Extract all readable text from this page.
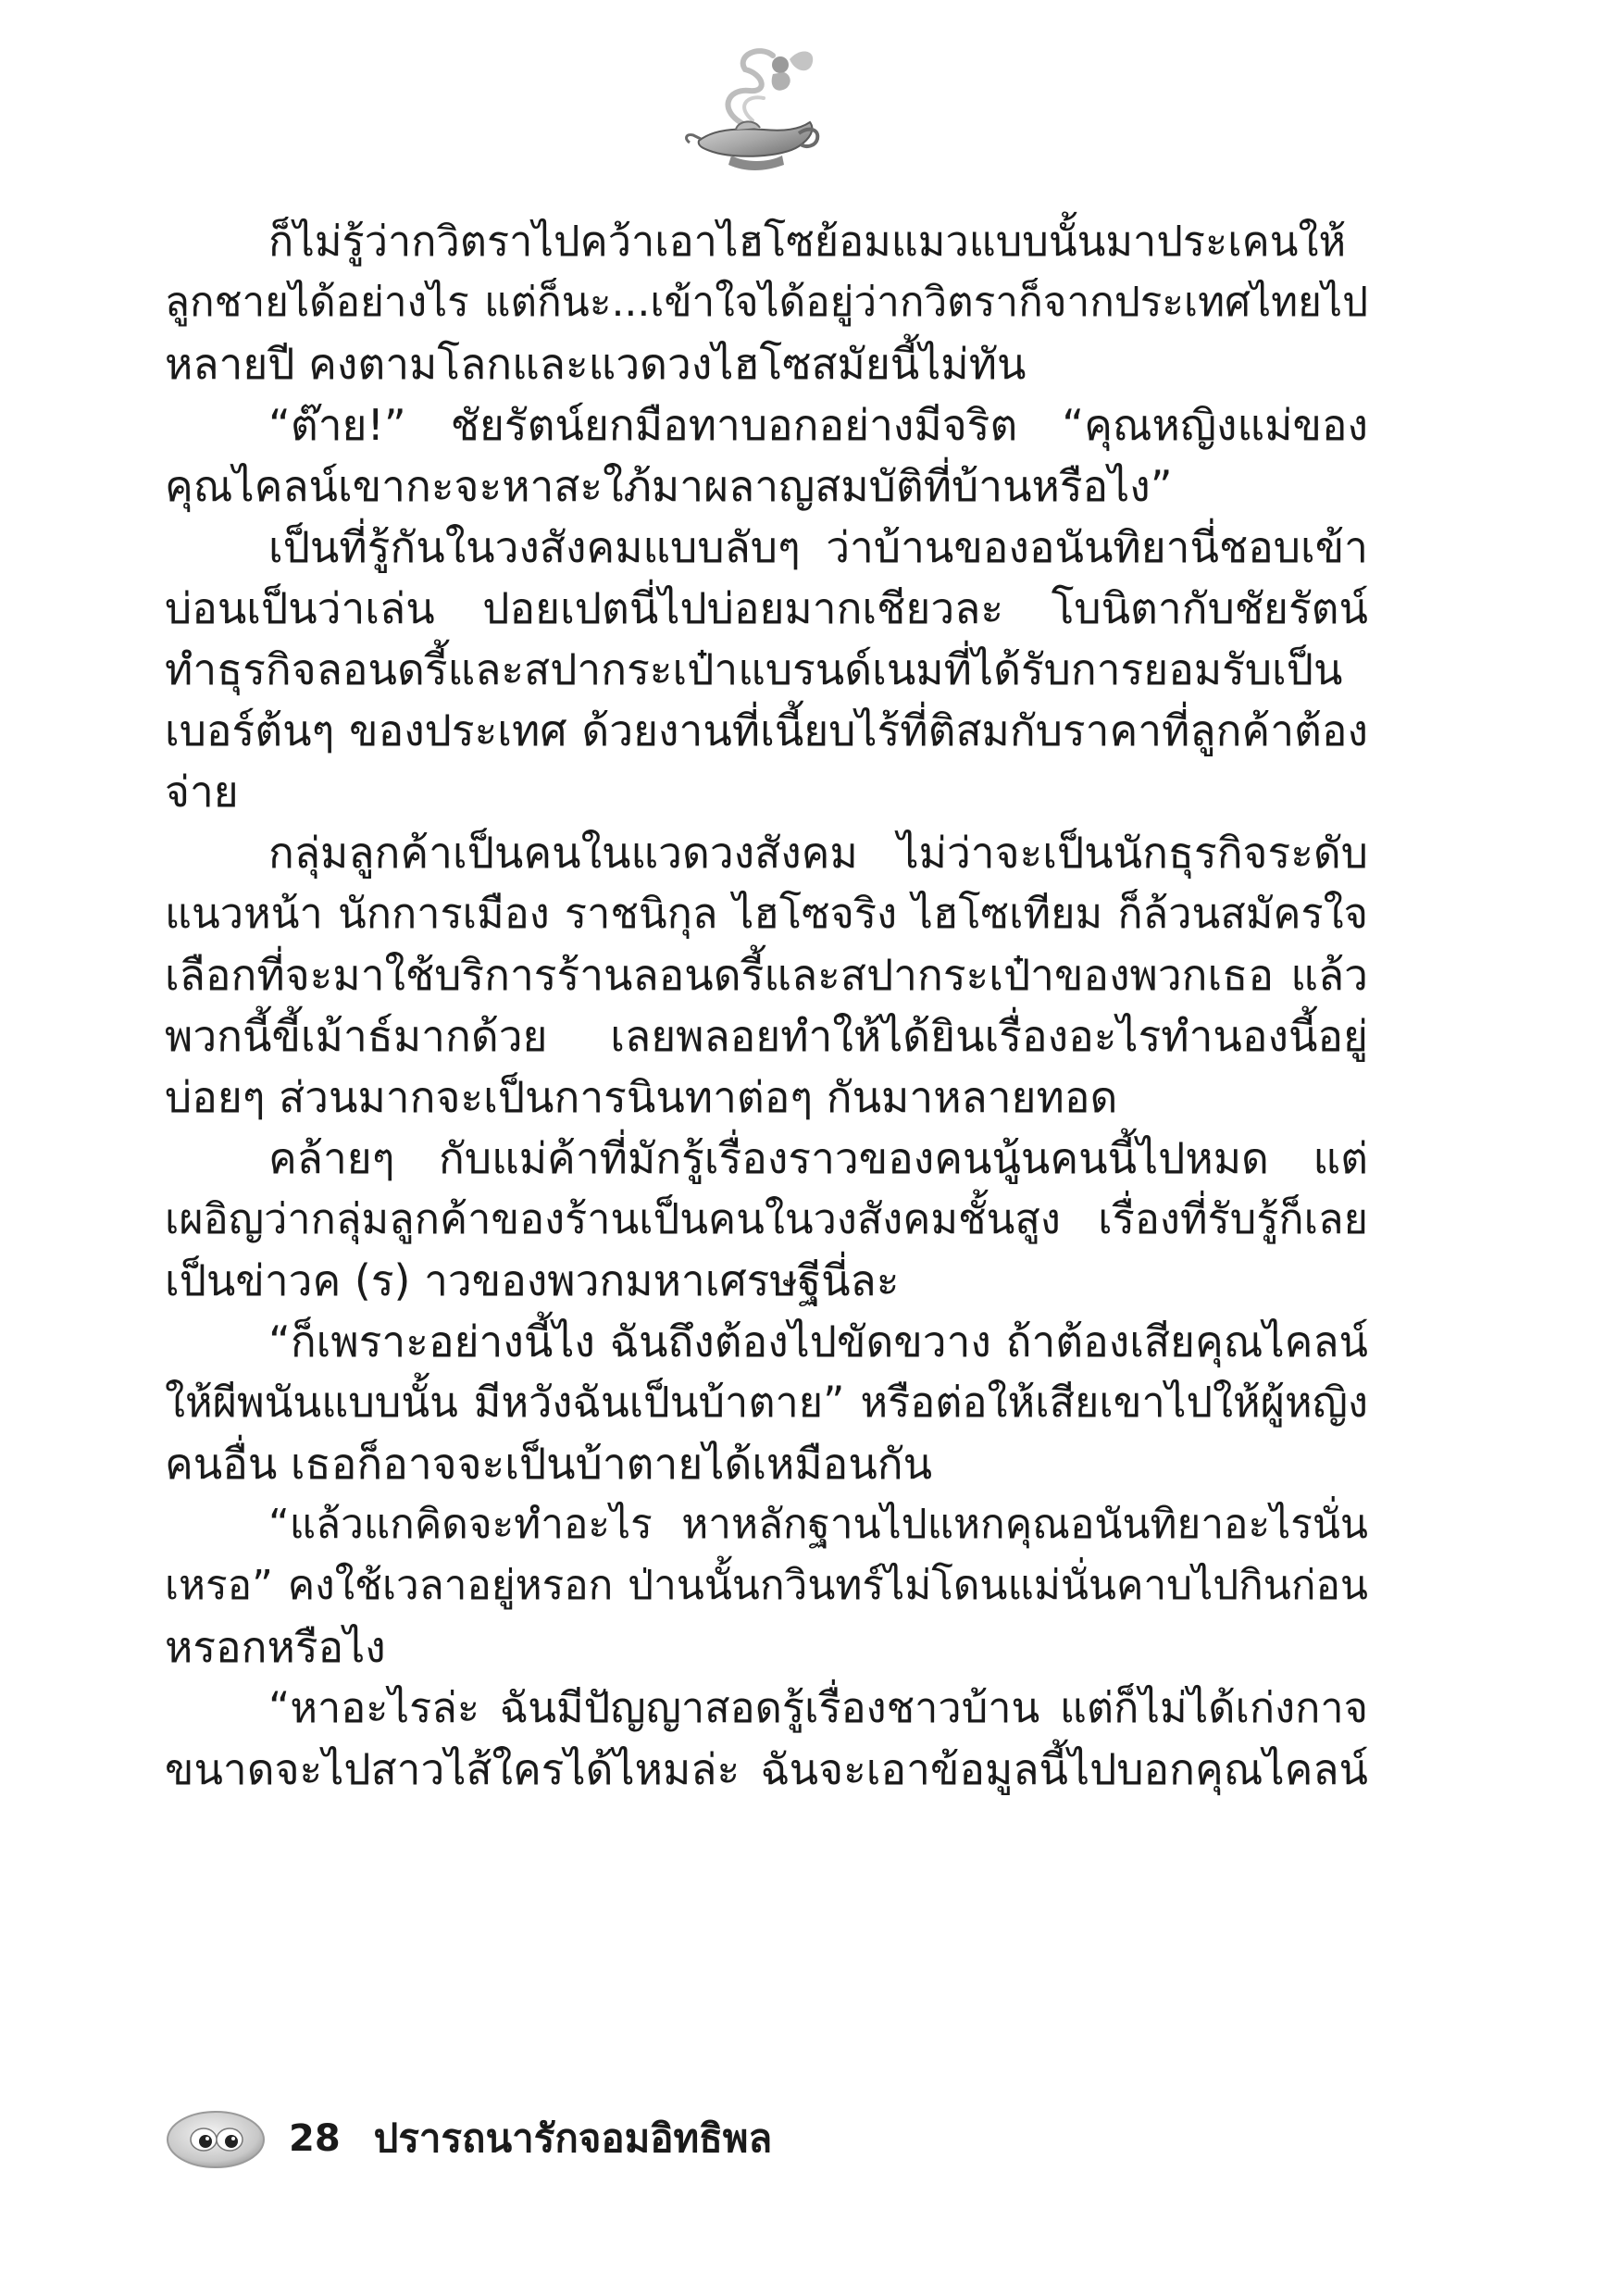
ก็ไม่รู้ว่ากวิตราไปคว้าเอาไฮโซย้อมแมวแบบนั้นมาประเคนให้
ลูกชายได้อย่างไร แต่ก็นะ...เข้าใจได้อยู่ว่ากวิตราก็จากประเทศไทยไป
หลายปี คงตามโลกและแวดวงไฮโซสมัยนี้ไม่ทัน
“ต๊าย!” ชัยรัตน์ยกมือทาบอกอย่างมีจริต “คุณหญิงแม่ของ
คุณไคลน์เขากะจะหาสะใภ้มาผลาญสมบัติที่บ้านหรือไง”
เป็นที่รู้กันในวงสังคมแบบลับๆ ว่าบ้านของอนันทิยานี่ชอบเข้า
บ่อนเป็นว่าเล่น ปอยเปตนี่ไปบ่อยมากเชียวละ โบนิตากับชัยรัตน์
ทำธุรกิจลอนดรี้และสปากระเป๋าแบรนด์เนมที่ได้รับการยอมรับเป็น
เบอร์ต้นๆ ของประเทศ ด้วยงานที่เนี้ยบไร้ที่ติสมกับราคาที่ลูกค้าต้อง
จ่าย
กลุ่มลูกค้าเป็นคนในแวดวงสังคม ไม่ว่าจะเป็นนักธุรกิจระดับ
แนวหน้า นักการเมือง ราชนิกุล ไฮโซจริง ไฮโซเทียม ก็ล้วนสมัครใจ
เลือกที่จะมาใช้บริการร้านลอนดรี้และสปากระเป๋าของพวกเธอ แล้ว
พวกนี้ขี้เม้าธ์มากด้วย เลยพลอยทำให้ได้ยินเรื่องอะไรทำนองนี้อยู่
บ่อยๆ ส่วนมากจะเป็นการนินทาต่อๆ กันมาหลายทอด
คล้ายๆ กับแม่ค้าที่มักรู้เรื่องราวของคนนู้นคนนี้ไปหมด แต่
เผอิญว่ากลุ่มลูกค้าของร้านเป็นคนในวงสังคมชั้นสูง เรื่องที่รับรู้ก็เลย
เป็นข่าวค (ร) าวของพวกมหาเศรษฐีนี่ละ
“ก็เพราะอย่างนี้ไง ฉันถึงต้องไปขัดขวาง ถ้าต้องเสียคุณไคลน์
ให้ผีพนันแบบนั้น มีหวังฉันเป็นบ้าตาย” หรือต่อให้เสียเขาไปให้ผู้หญิง
คนอื่น เธอก็อาจจะเป็นบ้าตายได้เหมือนกัน
“แล้วแกคิดจะทำอะไร หาหลักฐานไปแหกคุณอนันทิยาอะไรนั่น
เหรอ” คงใช้เวลาอยู่หรอก ป่านนั้นกวินทร์ไม่โดนแม่นั่นคาบไปกินก่อน
หรอกหรือไง
“หาอะไรล่ะ ฉันมีปัญญาสอดรู้เรื่องชาวบ้าน แต่ก็ไม่ได้เก่งกาจ
ขนาดจะไปสาวไส้ใครได้ไหมล่ะ ฉันจะเอาข้อมูลนี้ไปบอกคุณไคลน์
28 ปรารถนารักจอมอิทธิพล
